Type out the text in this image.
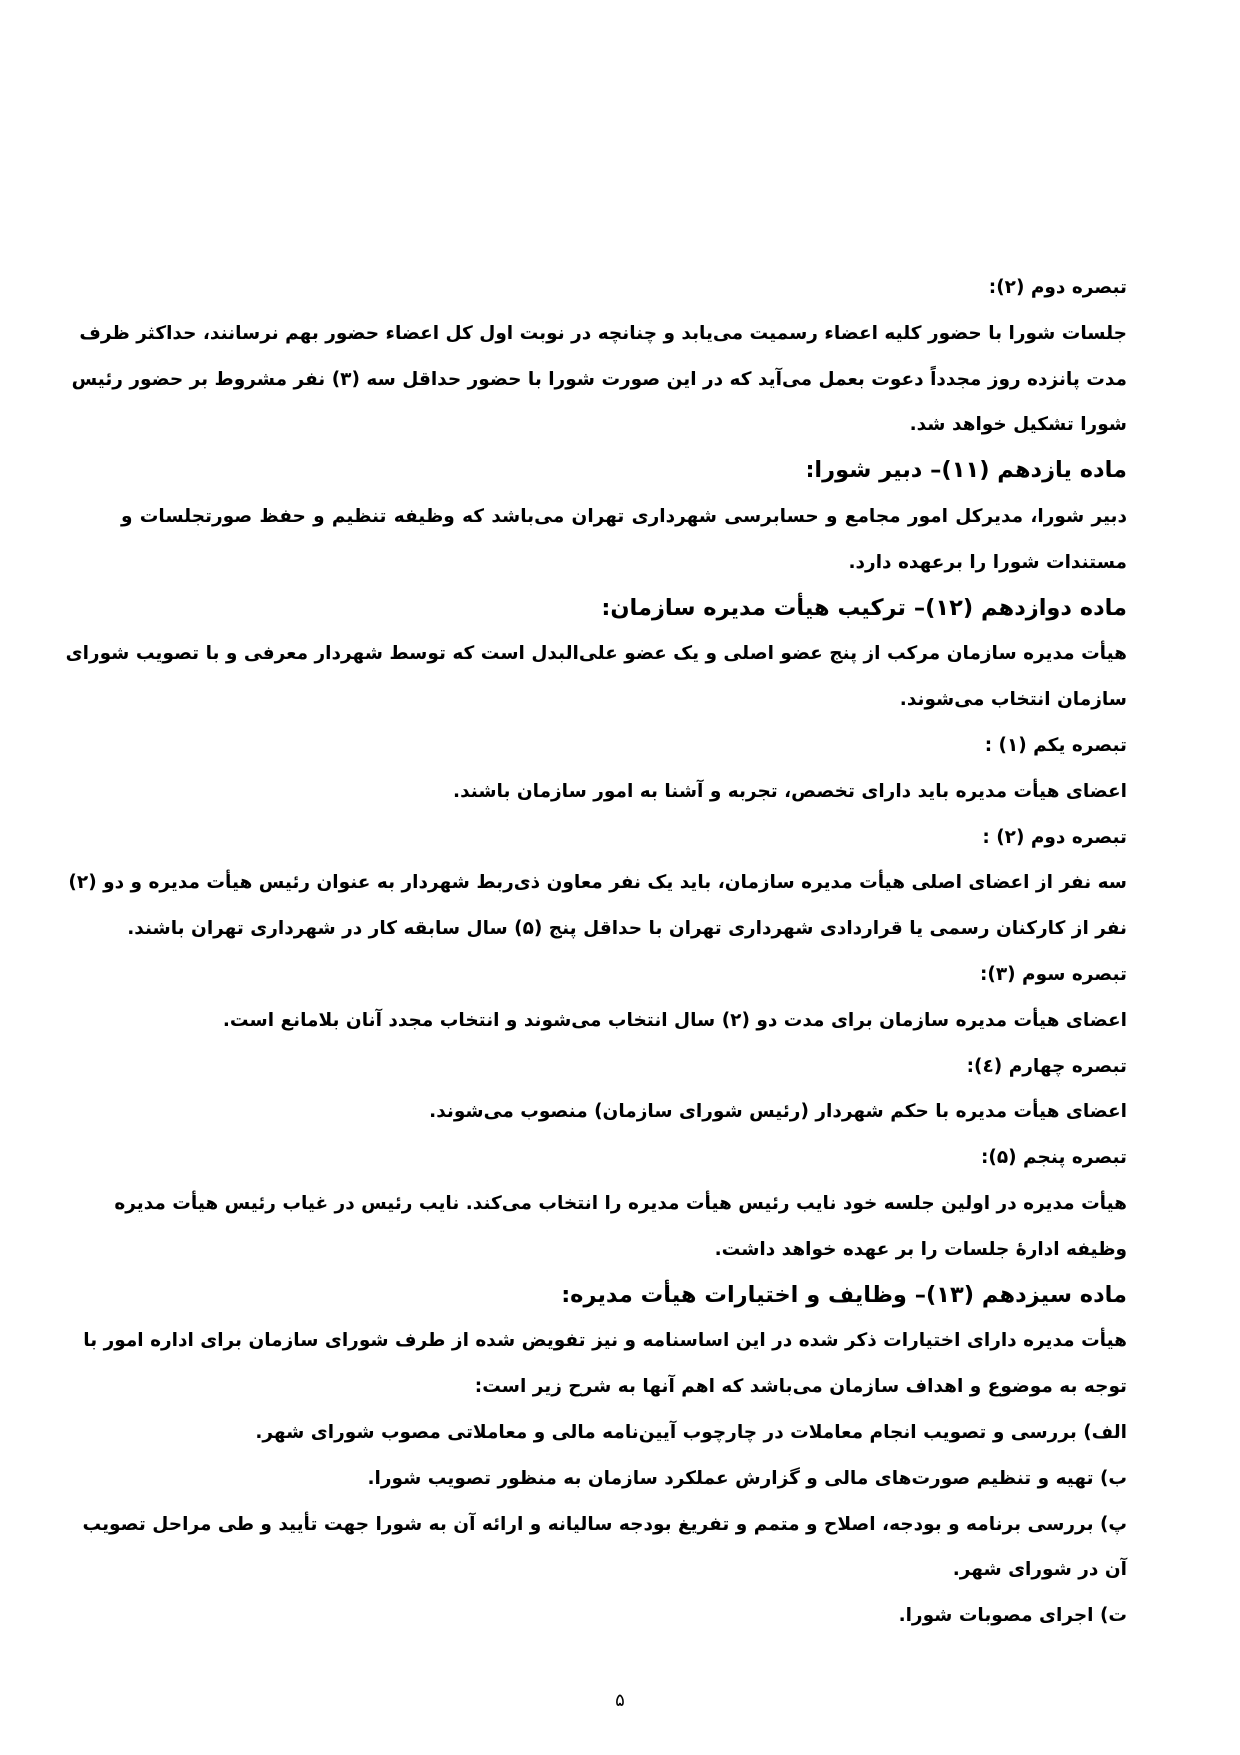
تبصره دوم (۲):
جلسات شورا با حضور کلیه اعضاء رسمیت می‌یابد و چنانچه در نوبت اول کل اعضاء حضور بهم نرسانند، حداکثر ظرف
مدت پانزده روز مجدداً دعوت بعمل می‌آید که در این صورت شورا با حضور حداقل سه (۳) نفر مشروط بر حضور رئیس
شورا تشکیل خواهد شد.
ماده یازدهم (۱۱)– دبیر شورا:
دبیر شورا، مدیرکل امور مجامع و حسابرسی شهرداری تهران می‌باشد که وظیفه تنظیم و حفظ صورتجلسات و
مستندات شورا را برعهده دارد.
ماده دوازدهم (۱۲)– ترکیب هیأت مدیره سازمان:
هیأت مدیره سازمان مرکب از پنج عضو اصلی و یک عضو علی‌البدل است که توسط شهردار معرفی و با تصویب شورای
سازمان انتخاب می‌شوند.
تبصره یکم (۱) :
اعضای هیأت مدیره باید دارای تخصص، تجربه و آشنا به امور سازمان باشند.
تبصره دوم (۲) :
سه نفر از اعضای اصلی هیأت مدیره سازمان، باید یک نفر معاون ذی‌ربط شهردار به عنوان رئیس هیأت مدیره و دو (۲)
نفر از کارکنان رسمی یا قراردادی شهرداری تهران با حداقل پنج (۵) سال سابقه کار در شهرداری تهران باشند.
تبصره سوم (۳):
اعضای هیأت مدیره سازمان برای مدت دو (۲) سال انتخاب می‌شوند و انتخاب مجدد آنان بلامانع است.
تبصره چهارم (٤):
اعضای هیأت مدیره با حکم شهردار (رئیس شورای سازمان) منصوب می‌شوند.
تبصره پنجم (۵):
هیأت مدیره در اولین جلسه خود نایب رئیس هیأت مدیره را انتخاب می‌کند. نایب رئیس در غیاب رئیس هیأت مدیره
وظیفه ادارهٔ جلسات را بر عهده خواهد داشت.
ماده سیزدهم (۱۳)– وظایف و اختیارات هیأت مدیره:
هیأت مدیره دارای اختیارات ذکر شده در این اساسنامه و نیز تفویض شده از طرف شورای سازمان برای اداره امور با
توجه به موضوع و اهداف سازمان می‌باشد که اهم آنها به شرح زیر است:
الف) بررسی و تصویب انجام معاملات در چارچوب آیین‌نامه مالی و معاملاتی مصوب شورای شهر.
ب) تهیه و تنظیم صورت‌های مالی و گزارش عملکرد سازمان به منظور تصویب شورا.
پ) بررسی برنامه و بودجه، اصلاح و متمم و تفریغ بودجه سالیانه و ارائه آن به شورا جهت تأیید و طی مراحل تصویب
آن در شورای شهر.
ت) اجرای مصوبات شورا.
۵
